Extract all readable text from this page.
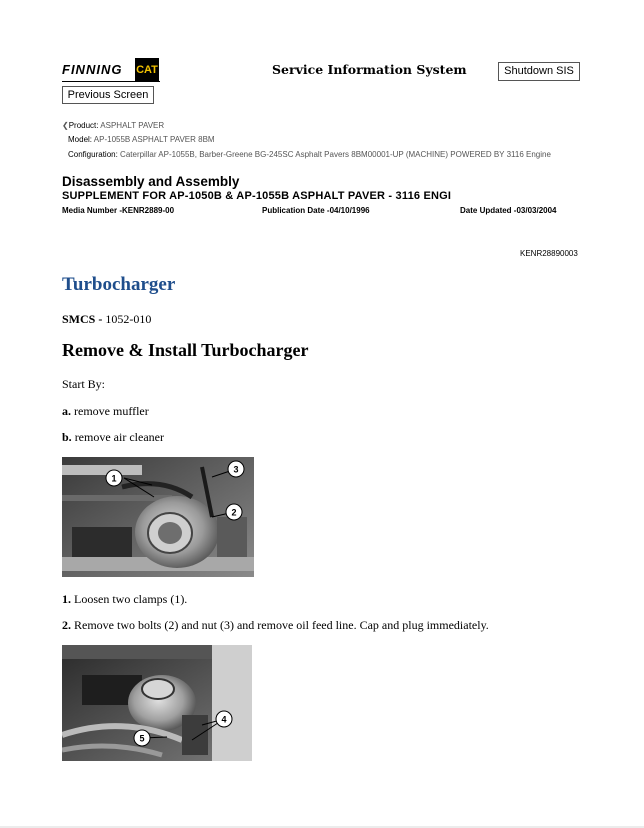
FINNING CAT
Previous Screen
Service Information System	Shutdown SIS
❮Product: ASPHALT PAVER
Model: AP-1055B ASPHALT PAVER 8BM
Configuration: Caterpillar AP-1055B, Barber-Greene BG-245SC Asphalt Pavers 8BM00001-UP (MACHINE) POWERED BY 3116 Engine
Disassembly and Assembly
SUPPLEMENT FOR AP-1050B & AP-1055B ASPHALT PAVER - 3116 ENGI
Media Number -KENR2889-00	Publication Date -04/10/1996	Date Updated -03/03/2004
KENR28890003
Turbocharger
SMCS - 1052-010
Remove & Install Turbocharger
Start By:
a. remove muffler
b. remove air cleaner
1
3
2
1. Loosen two clamps (1).
2. Remove two bolts (2) and nut (3) and remove oil feed line. Cap and plug immediately.
4
5
